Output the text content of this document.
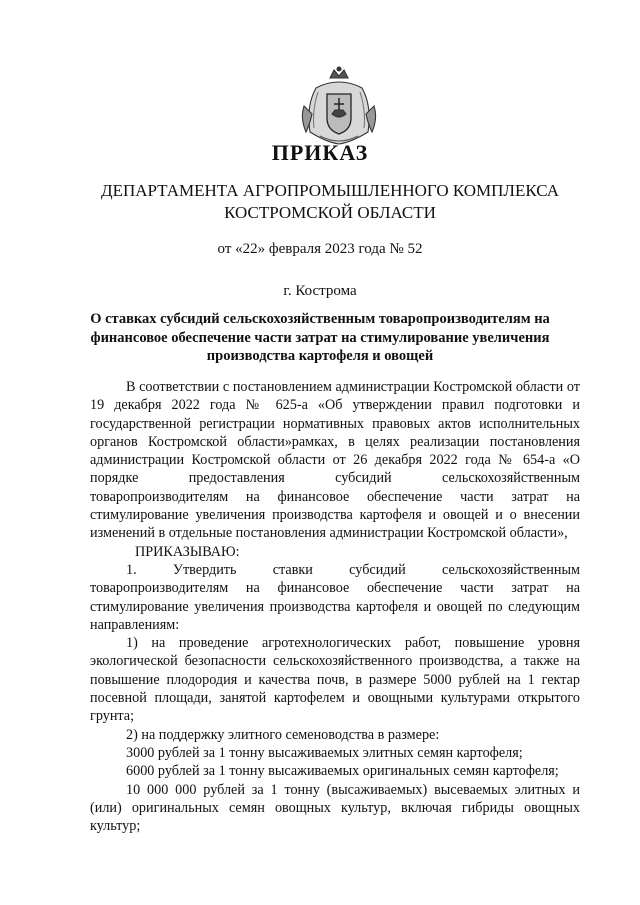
ПРИКАЗ
ДЕПАРТАМЕНТА АГРОПРОМЫШЛЕННОГО КОМПЛЕКСА КОСТРОМСКОЙ ОБЛАСТИ
от «22» февраля 2023 года № 52
г. Кострома
О ставках субсидий сельскохозяйственным товаропроизводителям на финансовое обеспечение части затрат на стимулирование увеличения производства картофеля и овощей

В соответствии с постановлением администрации Костромской области от 19 декабря 2022 года № 625-а «Об утверждении правил подготовки и государственной регистрации нормативных правовых актов исполнительных органов Костромской области»рамках, в целях реализации постановления администрации Костромской области от 26 декабря 2022 года № 654-а «О порядке предоставления субсидий сельскохозяйственным товаропроизводителям на финансовое обеспечение части затрат на стимулирование увеличения производства картофеля и овощей и о внесении изменений в отдельные постановления администрации Костромской области»,

ПРИКАЗЫВАЮ:

1. Утвердить ставки субсидий сельскохозяйственным товаропроизводителям на финансовое обеспечение части затрат на стимулирование увеличения производства картофеля и овощей по следующим направлениям:

1) на проведение агротехнологических работ, повышение уровня экологической безопасности сельскохозяйственного производства, а также на повышение плодородия и качества почв, в размере 5000 рублей на 1 гектар посевной площади, занятой картофелем и овощными культурами открытого грунта;

2) на поддержку элитного семеноводства в размере:

3000 рублей за 1 тонну высаживаемых элитных семян картофеля;

6000 рублей за 1 тонну высаживаемых оригинальных семян картофеля;

10 000 000 рублей за 1 тонну (высаживаемых) высеваемых элитных и (или) оригинальных семян овощных культур, включая гибриды овощных культур;
